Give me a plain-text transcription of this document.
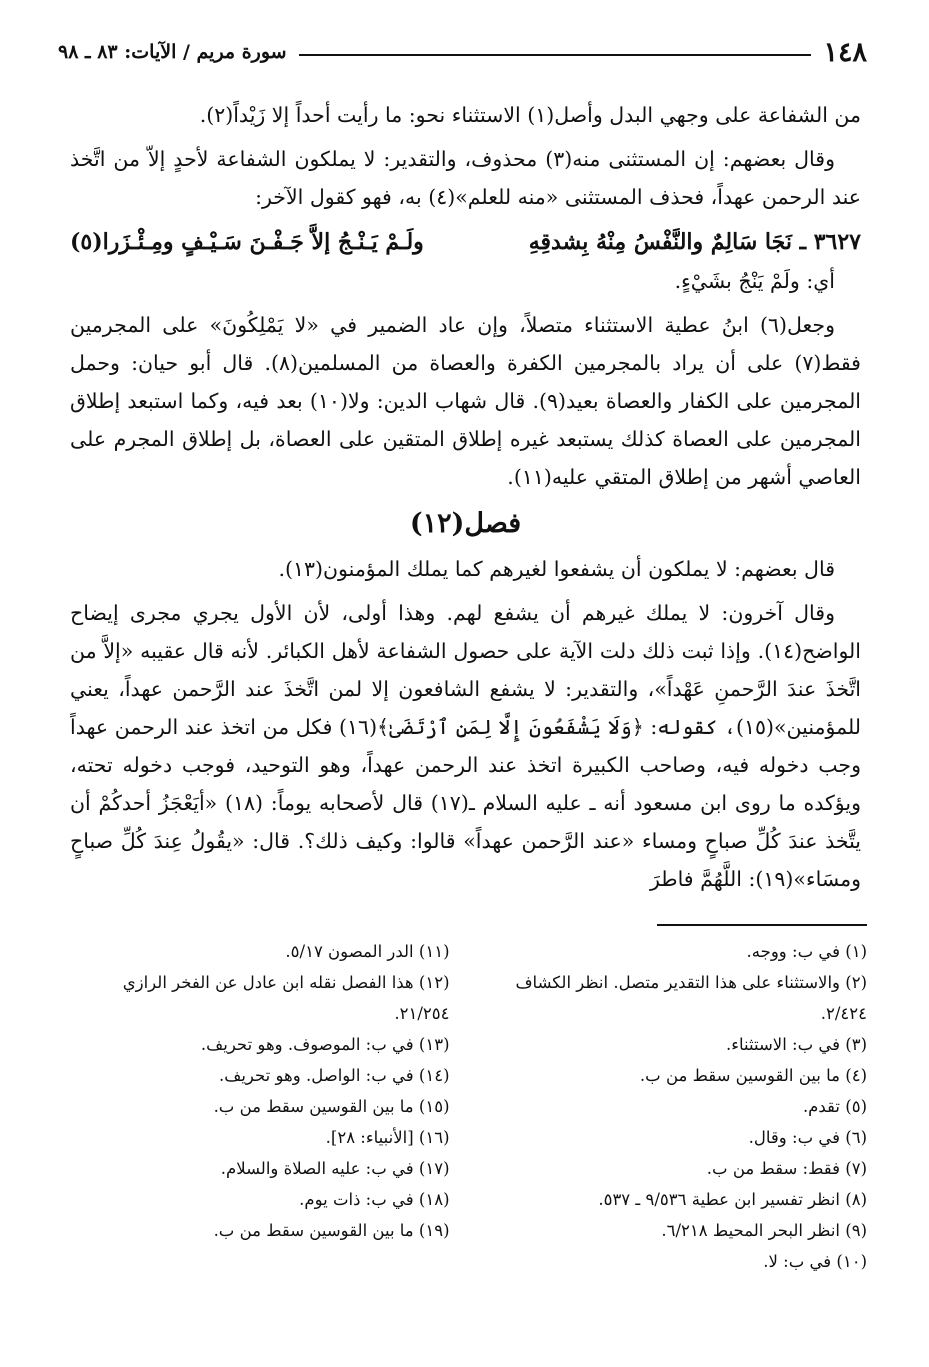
١٤٨
سورة مريم / الآيات: ٨٣ ـ ٩٨

من الشفاعة على وجهي البدل وأصل(١) الاستثناء نحو: ما رأيت أحداً إلا زَيْداً(٢).

وقال بعضهم: إن المستثنى منه(٣) محذوف، والتقدير: لا يملكون الشفاعة لأحدٍ إلاّ من اتَّخذ عند الرحمن عهداً، فحذف المستثنى «منه للعلم»(٤) به، فهو كقول الآخر:

٣٦٢٧ ـ نَجَا سَالِمٌ والنَّفْسُ مِنْهُ بِشدقِهِ
ولَـمْ يَـنْـجُ إلاَّ جَـفْـنَ سَـيْـفٍ ومِـئْـزَرا(٥)

أي: ولَمْ يَنْجُ بشَيْءٍ.

وجعل(٦) ابنُ عطية الاستثناء متصلاً، وإن عاد الضمير في «لا يَمْلِكُونَ» على المجرمين فقط(٧) على أن يراد بالمجرمين الكفرة والعصاة من المسلمين(٨). قال أبو حيان: وحمل المجرمين على الكفار والعصاة بعيد(٩). قال شهاب الدين: ولا(١٠) بعد فيه، وكما استبعد إطلاق المجرمين على العصاة كذلك يستبعد غيره إطلاق المتقين على العصاة، بل إطلاق المجرم على العاصي أشهر من إطلاق المتقي عليه(١١).

فصل(١٢)

قال بعضهم: لا يملكون أن يشفعوا لغيرهم كما يملك المؤمنون(١٣).

وقال آخرون: لا يملك غيرهم أن يشفع لهم. وهذا أولى، لأن الأول يجري مجرى إيضاح الواضح(١٤). وإذا ثبت ذلك دلت الآية على حصول الشفاعة لأهل الكبائر. لأنه قال عقيبه «إلاَّ من اتَّخذَ عندَ الرَّحمنِ عَهْداً»، والتقدير: لا يشفع الشافعون إلا لمن اتَّخذَ عند الرَّحمن عهداً، يعني للمؤمنين»(١٥)، كقوله: ﴿وَلَا يَشْفَعُونَ إِلَّا لِمَنِ ٱرْتَضَىٰ﴾(١٦) فكل من اتخذ عند الرحمن عهداً وجب دخوله فيه، وصاحب الكبيرة اتخذ عند الرحمن عهداً، وهو التوحيد، فوجب دخوله تحته، ويؤكده ما روى ابن مسعود أنه ـ عليه السلام ـ(١٧) قال لأصحابه يوماً: (١٨) «أيَعْجَزُ أحدكُمْ أن يتَّخذ عندَ كُلِّ صباحٍ ومساء «عند الرَّحمن عهداً» قالوا: وكيف ذلك؟. قال: «يقُولُ عِندَ كُلِّ صباحٍ ومسَاء»(١٩): اللَّهُمَّ فاطرَ

(١) في ب: ووجه.

(٢) والاستثناء على هذا التقدير متصل. انظر الكشاف ٢/٤٢٤.

(٣) في ب: الاستثناء.

(٤) ما بين القوسين سقط من ب.

(٥) تقدم.

(٦) في ب: وقال.

(٧) فقط: سقط من ب.

(٨) انظر تفسير ابن عطية ٩/٥٣٦ ـ ٥٣٧.

(٩) انظر البحر المحيط ٦/٢١٨.

(١٠) في ب: لا.

(١١) الدر المصون ٥/١٧.

(١٢) هذا الفصل نقله ابن عادل عن الفخر الرازي ٢١/٢٥٤.

(١٣) في ب: الموصوف. وهو تحريف.

(١٤) في ب: الواصل. وهو تحريف.

(١٥) ما بين القوسين سقط من ب.

(١٦) [الأنبياء: ٢٨].

(١٧) في ب: عليه الصلاة والسلام.

(١٨) في ب: ذات يوم.

(١٩) ما بين القوسين سقط من ب.
